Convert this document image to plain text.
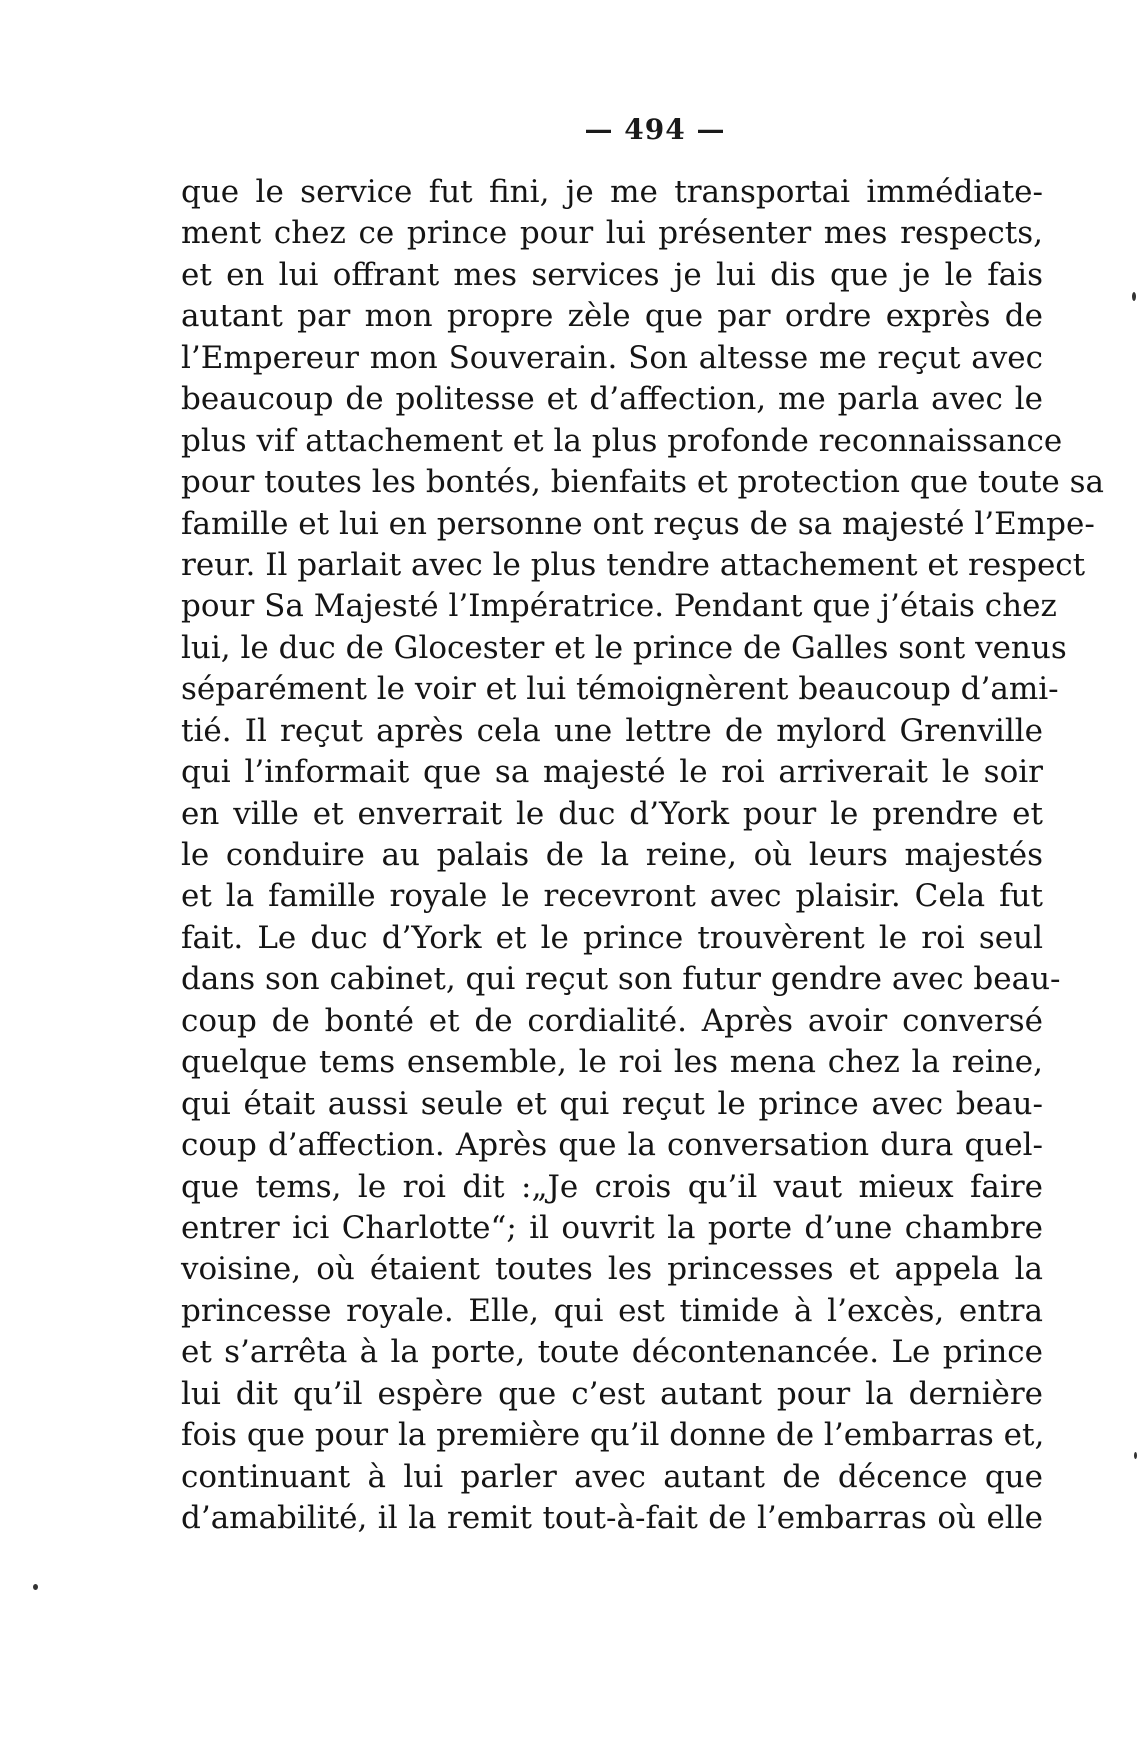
— 494 —
que le service fut fini, je me transportai immédiate-
ment chez ce prince pour lui présenter mes respects,
et en lui offrant mes services je lui dis que je le fais
autant par mon propre zèle que par ordre exprès de
l’Empereur mon Souverain. Son altesse me reçut avec
beaucoup de politesse et d’affection, me parla avec le
plus vif attachement et la plus profonde reconnaissance
pour toutes les bontés, bienfaits et protection que toute sa
famille et lui en personne ont reçus de sa majesté l’Empe-
reur. Il parlait avec le plus tendre attachement et respect
pour Sa Majesté l’Impératrice. Pendant que j’étais chez
lui, le duc de Glocester et le prince de Galles sont venus
séparément le voir et lui témoignèrent beaucoup d’ami-
tié. Il reçut après cela une lettre de mylord Grenville
qui l’informait que sa majesté le roi arriverait le soir
en ville et enverrait le duc d’York pour le prendre et
le conduire au palais de la reine, où leurs majestés
et la famille royale le recevront avec plaisir. Cela fut
fait. Le duc d’York et le prince trouvèrent le roi seul
dans son cabinet, qui reçut son futur gendre avec beau-
coup de bonté et de cordialité. Après avoir conversé
quelque tems ensemble, le roi les mena chez la reine,
qui était aussi seule et qui reçut le prince avec beau-
coup d’affection. Après que la conversation dura quel-
que tems, le roi dit :„Je crois qu’il vaut mieux faire
entrer ici Charlotte“; il ouvrit la porte d’une chambre
voisine, où étaient toutes les princesses et appela la
princesse royale. Elle, qui est timide à l’excès, entra
et s’arrêta à la porte, toute décontenancée. Le prince
lui dit qu’il espère que c’est autant pour la dernière
fois que pour la première qu’il donne de l’embarras et,
continuant à lui parler avec autant de décence que
d’amabilité, il la remit tout-à-fait de l’embarras où elle
